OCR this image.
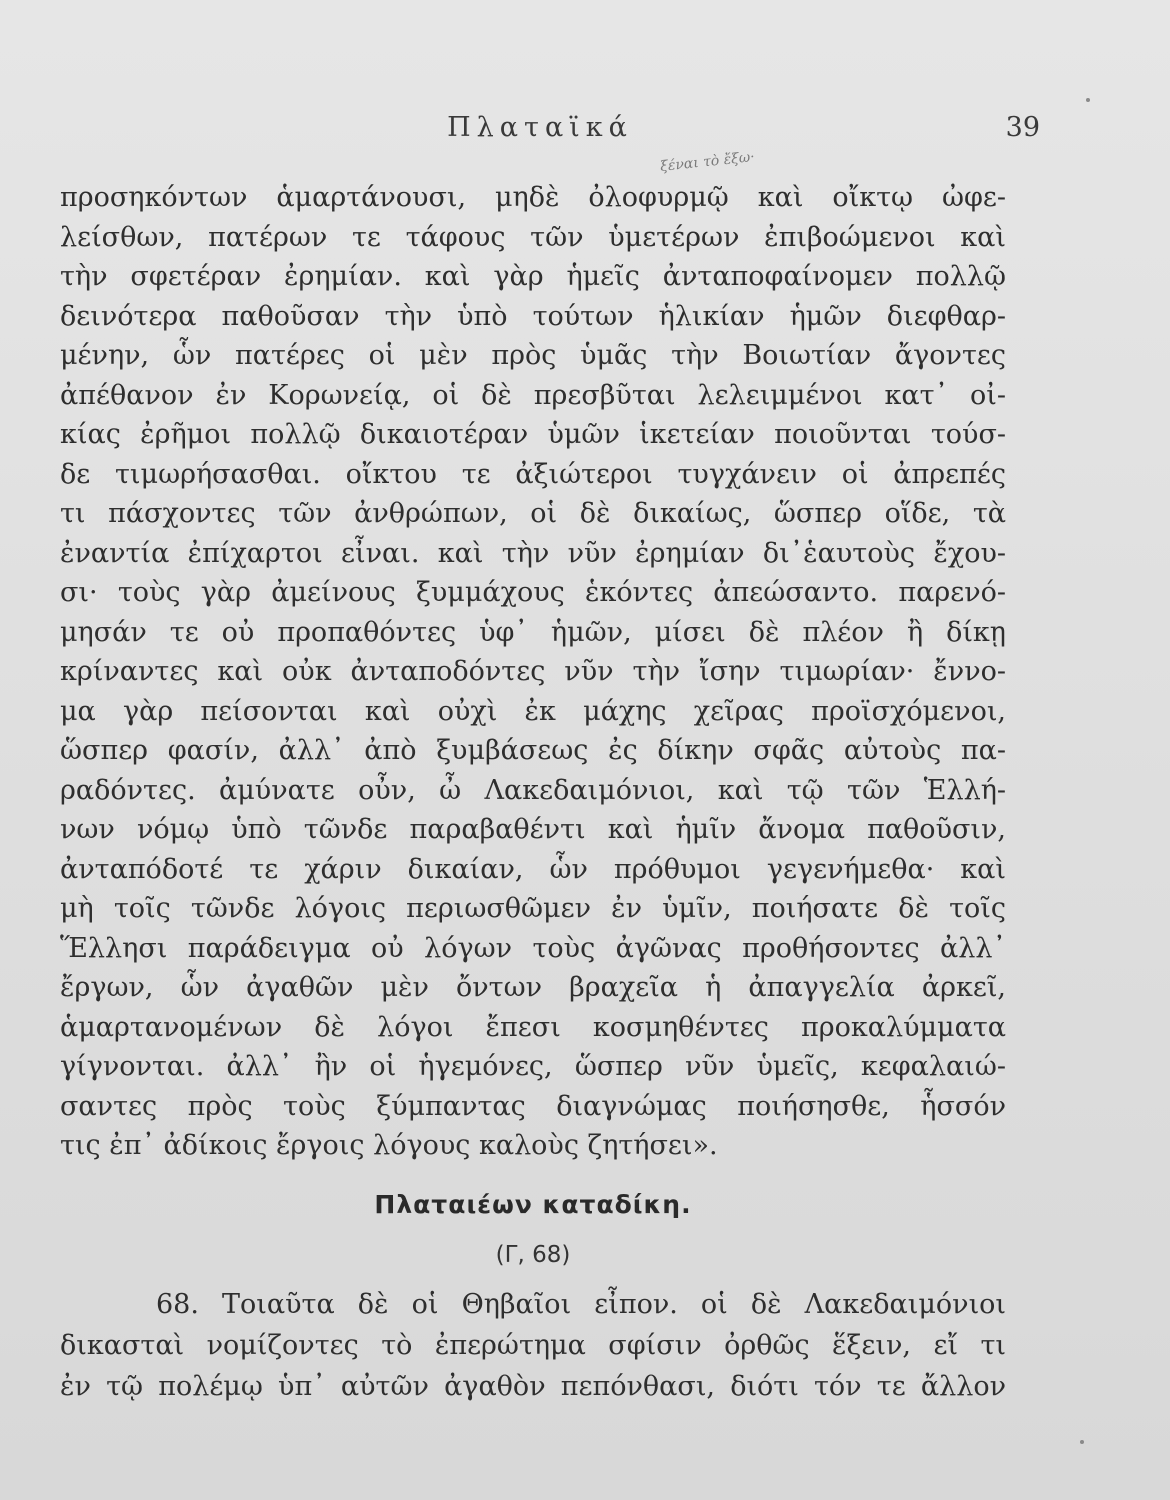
Πλαταϊκά	39
ξέναι τὸ ἔξω·
προσηκόντων ἁμαρτάνουσι, μηδὲ ὀλοφυρμῷ καὶ οἴκτῳ ὠφε-
λείσθων, πατέρων τε τάφους τῶν ὑμετέρων ἐπιβοώμενοι καὶ
τὴν σφετέραν ἐρημίαν. καὶ γὰρ ἡμεῖς ἀνταποφαίνομεν πολλῷ
δεινότερα παθοῦσαν τὴν ὑπὸ τούτων ἡλικίαν ἡμῶν διεφθαρ-
μένην, ὧν πατέρες οἱ μὲν πρὸς ὑμᾶς τὴν Βοιωτίαν ἄγοντες
ἀπέθανον ἐν Κορωνείᾳ, οἱ δὲ πρεσβῦται λελειμμένοι κατ᾽ οἰ-
κίας ἐρῆμοι πολλῷ δικαιοτέραν ὑμῶν ἱκετείαν ποιοῦνται τούσ-
δε τιμωρήσασθαι. οἴκτου τε ἀξιώτεροι τυγχάνειν οἱ ἀπρεπές
τι πάσχοντες τῶν ἀνθρώπων, οἱ δὲ δικαίως, ὥσπερ οἵδε, τὰ
ἐναντία ἐπίχαρτοι εἶναι. καὶ τὴν νῦν ἐρημίαν δι᾽ἑαυτοὺς ἔχου-
σι· τοὺς γὰρ ἀμείνους ξυμμάχους ἑκόντες ἀπεώσαντο. παρενό-
μησάν τε οὐ προπαθόντες ὑφ᾽ ἡμῶν, μίσει δὲ πλέον ἢ δίκῃ
κρίναντες καὶ οὐκ ἀνταποδόντες νῦν τὴν ἴσην τιμωρίαν· ἔννο-
μα γὰρ πείσονται καὶ οὐχὶ ἐκ μάχης χεῖρας προϊσχόμενοι,
ὥσπερ φασίν, ἀλλ᾽ ἀπὸ ξυμβάσεως ἐς δίκην σφᾶς αὐτοὺς πα-
ραδόντες. ἀμύνατε οὖν, ὦ Λακεδαιμόνιοι, καὶ τῷ τῶν Ἑλλή-
νων νόμῳ ὑπὸ τῶνδε παραβαθέντι καὶ ἡμῖν ἄνομα παθοῦσιν,
ἀνταπόδοτέ τε χάριν δικαίαν, ὧν πρόθυμοι γεγενήμεθα· καὶ
μὴ τοῖς τῶνδε λόγοις περιωσθῶμεν ἐν ὑμῖν, ποιήσατε δὲ τοῖς
Ἕλλησι παράδειγμα οὐ λόγων τοὺς ἀγῶνας προθήσοντες ἀλλ᾽
ἔργων, ὧν ἀγαθῶν μὲν ὄντων βραχεῖα ἡ ἀπαγγελία ἀρκεῖ,
ἁμαρτανομένων δὲ λόγοι ἔπεσι κοσμηθέντες προκαλύμματα
γίγνονται. ἀλλ᾽ ἢν οἱ ἡγεμόνες, ὥσπερ νῦν ὑμεῖς, κεφαλαιώ-
σαντες πρὸς τοὺς ξύμπαντας διαγνώμας ποιήσησθε, ἧσσόν
τις ἐπ᾽ ἀδίκοις ἔργοις λόγους καλοὺς ζητήσει».
Πλαταιέων καταδίκη.
(Γ, 68)
68. Τοιαῦτα δὲ οἱ Θηβαῖοι εἶπον. οἱ δὲ Λακεδαιμόνιοι
δικασταὶ νομίζοντες τὸ ἐπερώτημα σφίσιν ὀρθῶς ἕξειν, εἴ τι
ἐν τῷ πολέμῳ ὑπ᾽ αὐτῶν ἀγαθὸν πεπόνθασι, διότι τόν τε ἄλλον
